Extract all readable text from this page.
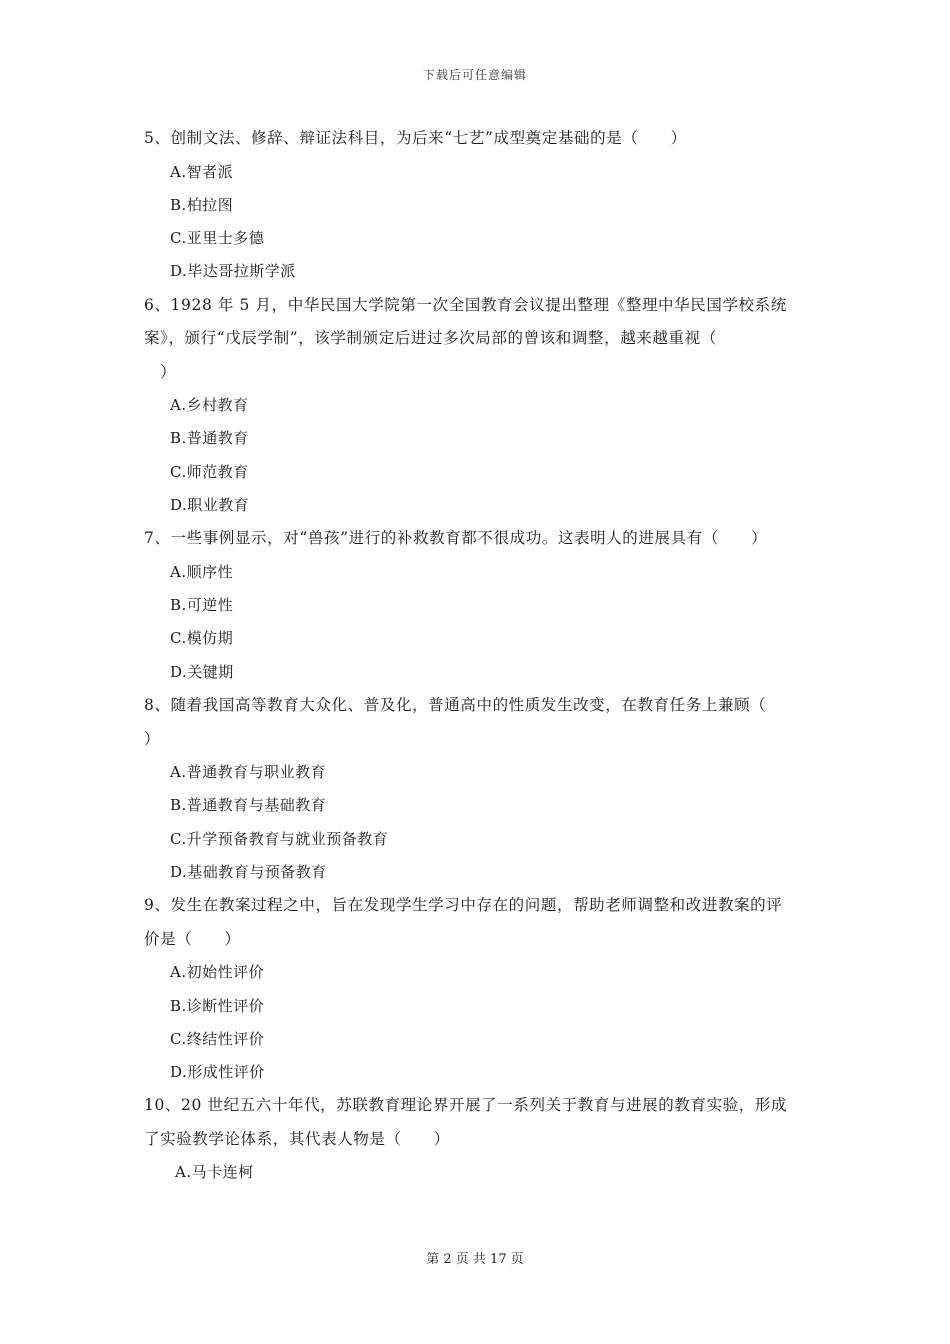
下载后可任意编辑

5、创制文法、修辞、辩证法科目，为后来“七艺”成型奠定基础的是（　　）

A.智者派

B.柏拉图

C.亚里士多德

D.毕达哥拉斯学派

6、1928 年 5 月，中华民国大学院第一次全国教育会议提出整理《整理中华民国学校系统
案》，颁行“戊辰学制”，该学制颁定后进过多次局部的曾该和调整，越来越重视（
　）

A.乡村教育

B.普通教育

C.师范教育

D.职业教育

7、一些事例显示，对“兽孩”进行的补救教育都不很成功。这表明人的进展具有（　　）

A.顺序性

B.可逆性

C.模仿期

D.关键期

8、随着我国高等教育大众化、普及化，普通高中的性质发生改变，在教育任务上兼顾（
）

A.普通教育与职业教育

B.普通教育与基础教育

C.升学预备教育与就业预备教育

D.基础教育与预备教育

9、发生在教案过程之中，旨在发现学生学习中存在的问题，帮助老师调整和改进教案的评
价是（　　）

A.初始性评价

B.诊断性评价

C.终结性评价

D.形成性评价

10、20 世纪五六十年代，苏联教育理论界开展了一系列关于教育与进展的教育实验，形成
了实验教学论体系，其代表人物是（　　）

A.马卡连柯

第 2 页 共 17 页
